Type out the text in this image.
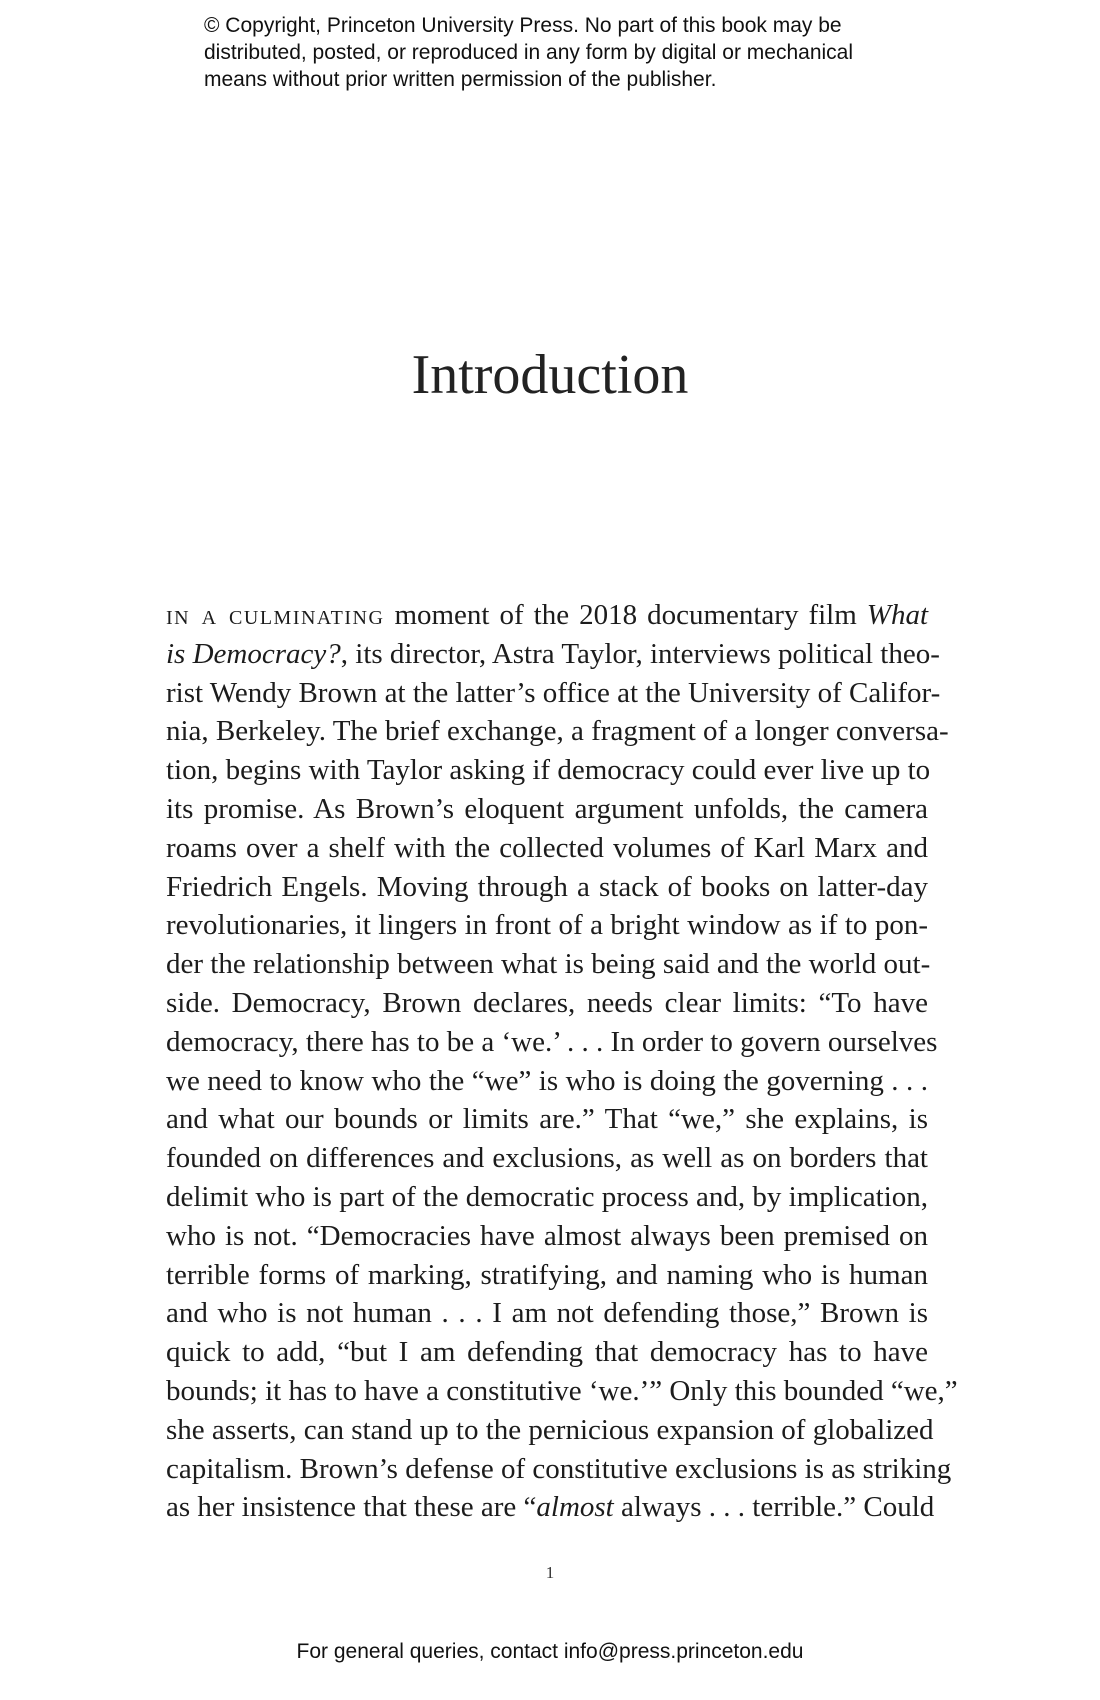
© Copyright, Princeton University Press. No part of this book may be
distributed, posted, or reproduced in any form by digital or mechanical
means without prior written permission of the publisher.
Introduction
in a culminating moment of the 2018 documentary film What
is Democracy?, its director, Astra Taylor, interviews political theo-
rist Wendy Brown at the latter’s office at the University of Califor-
nia, Berkeley. The brief exchange, a fragment of a longer conversa-
tion, begins with Taylor asking if democracy could ever live up to
its promise. As Brown’s eloquent argument unfolds, the camera
roams over a shelf with the collected volumes of Karl Marx and
Friedrich Engels. Moving through a stack of books on latter-day
revolutionaries, it lingers in front of a bright window as if to pon-
der the relationship between what is being said and the world out-
side. Democracy, Brown declares, needs clear limits: “To have
democracy, there has to be a ‘we.’ . . . In order to govern ourselves
we need to know who the “we” is who is doing the governing . . .
and what our bounds or limits are.” That “we,” she explains, is
founded on differences and exclusions, as well as on borders that
delimit who is part of the democratic process and, by implication,
who is not. “Democracies have almost always been premised on
terrible forms of marking, stratifying, and naming who is human
and who is not human . . . I am not defending those,” Brown is
quick to add, “but I am defending that democracy has to have
bounds; it has to have a constitutive ‘we.’” Only this bounded “we,”
she asserts, can stand up to the pernicious expansion of globalized
capitalism. Brown’s defense of constitutive exclusions is as striking
as her insistence that these are “almost always . . . terrible.” Could
1
For general queries, contact info@press.princeton.edu
